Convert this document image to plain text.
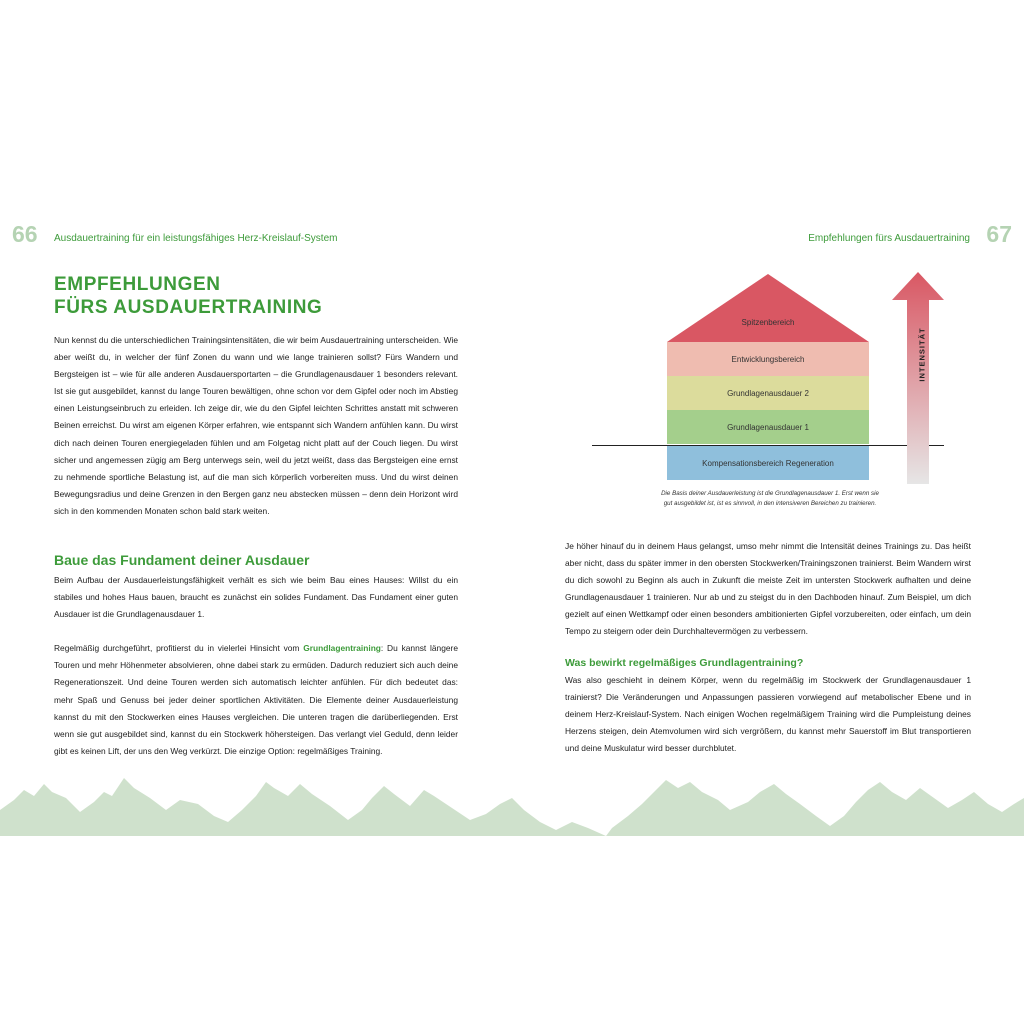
66 Ausdauertraining für ein leistungsfähiges Herz-Kreislauf-System	Empfehlungen fürs Ausdauertraining 67
EMPFEHLUNGEN
FÜRS AUSDAUERTRAINING

Nun kennst du die unterschiedlichen Trainingsintensitäten, die wir beim Ausdauertraining unterscheiden. Wie aber weißt du, in welcher der fünf Zonen du wann und wie lange trainieren sollst? Fürs Wandern und Bergsteigen ist – wie für alle anderen Ausdauersportarten – die Grundlagenausdauer 1 besonders relevant. Ist sie gut ausgebildet, kannst du lange Touren bewältigen, ohne schon vor dem Gipfel oder noch im Abstieg einen Leistungseinbruch zu erleiden. Ich zeige dir, wie du den Gipfel leichten Schrittes anstatt mit schweren Beinen erreichst. Du wirst am eigenen Körper erfahren, wie entspannt sich Wandern anfühlen kann. Du wirst dich nach deinen Touren energiegeladen fühlen und am Folgetag nicht platt auf der Couch liegen. Du wirst sicher und angemessen zügig am Berg unterwegs sein, weil du jetzt weißt, dass das Bergsteigen eine ernst zu nehmende sportliche Belastung ist, auf die man sich körperlich vorbereiten muss. Und du wirst deinen Bewegungsradius und deine Grenzen in den Bergen ganz neu abstecken müssen – denn dein Horizont wird sich in den kommenden Monaten schon bald stark weiten.

Baue das Fundament deiner Ausdauer

Beim Aufbau der Ausdauerleistungsfähigkeit verhält es sich wie beim Bau eines Hauses: Willst du ein stabiles und hohes Haus bauen, braucht es zunächst ein solides Fundament. Das Fundament einer guten Ausdauer ist die Grundlagenausdauer 1.

Regelmäßig durchgeführt, profitierst du in vielerlei Hinsicht vom Grundlagentraining: Du kannst längere Touren und mehr Höhenmeter absolvieren, ohne dabei stark zu ermüden. Dadurch reduziert sich auch deine Regenerationszeit. Und deine Touren werden sich automatisch leichter anfühlen. Für dich bedeutet das: mehr Spaß und Genuss bei jeder deiner sportlichen Aktivitäten. Die Elemente deiner Ausdauerleistung kannst du mit den Stockwerken eines Hauses vergleichen. Die unteren tragen die darüberliegenden. Erst wenn sie gut ausgebildet sind, kannst du ein Stockwerk höhersteigen. Das verlangt viel Geduld, denn leider gibt es keinen Lift, der uns den Weg verkürzt. Die einzige Option: regelmäßiges Training.

Spitzenbereich
Entwicklungsbereich
Grundlagenausdauer 2
Grundlagenausdauer 1
Kompensationsbereich Regeneration
INTENSITÄT
Die Basis deiner Ausdauerleistung ist die Grundlagenausdauer 1. Erst wenn sie
gut ausgebildet ist, ist es sinnvoll, in den intensiveren Bereichen zu trainieren.

Je höher hinauf du in deinem Haus gelangst, umso mehr nimmt die Intensität deines Trainings zu. Das heißt aber nicht, dass du später immer in den obersten Stockwerken/Trainingszonen trainierst. Beim Wandern wirst du dich sowohl zu Beginn als auch in Zukunft die meiste Zeit im untersten Stockwerk aufhalten und deine Grundlagenausdauer 1 trainieren. Nur ab und zu steigst du in den Dachboden hinauf. Zum Beispiel, um dich gezielt auf einen Wettkampf oder einen besonders ambitionierten Gipfel vorzubereiten, oder einfach, um dein Tempo zu steigern oder dein Durchhaltevermögen zu verbessern.

Was bewirkt regelmäßiges Grundlagentraining?

Was also geschieht in deinem Körper, wenn du regelmäßig im Stockwerk der Grundlagenausdauer 1 trainierst? Die Veränderungen und Anpassungen passieren vorwiegend auf metabolischer Ebene und in deinem Herz-Kreislauf-System. Nach einigen Wochen regelmäßigem Training wird die Pumpleistung deines Herzens steigen, dein Atemvolumen wird sich vergrößern, du kannst mehr Sauerstoff im Blut transportieren und deine Muskulatur wird besser durchblutet.
